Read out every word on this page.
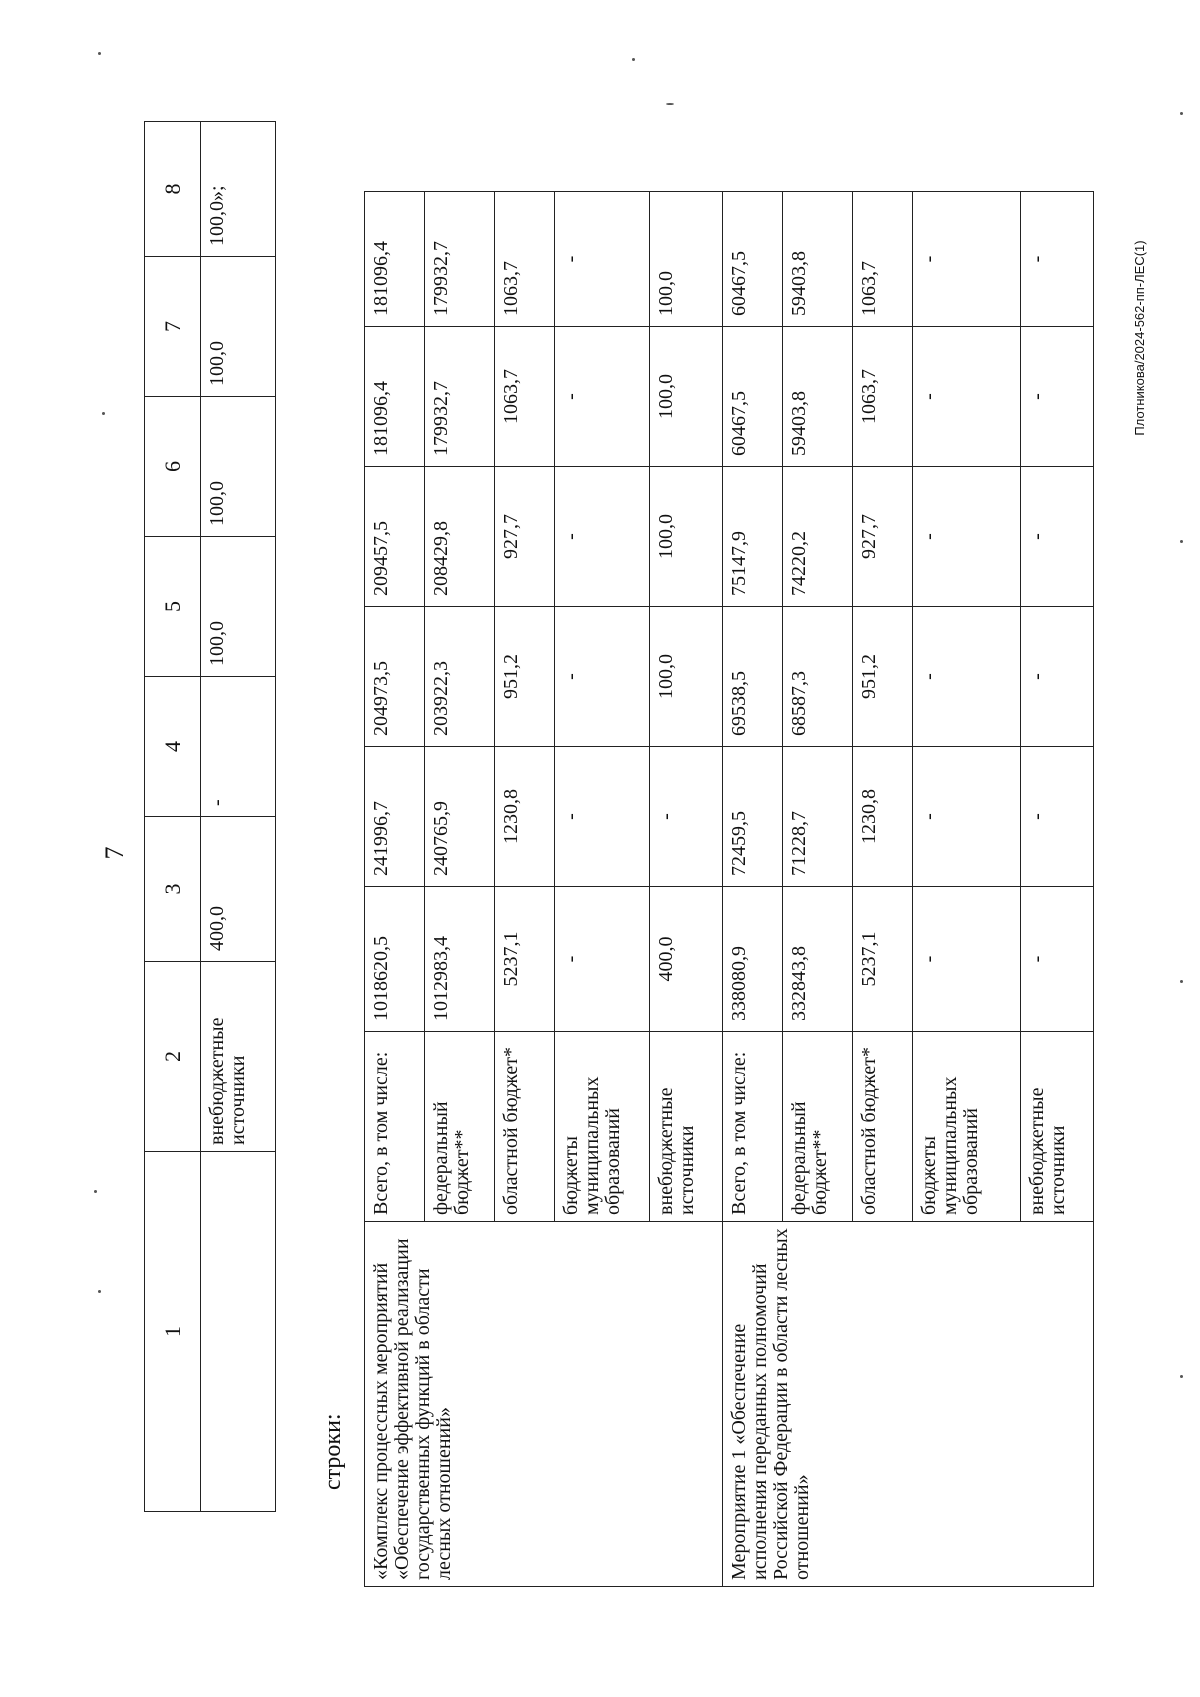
7
Плотникова/2024-562-пп-ЛЕС(1)
строки:
1	2	3	4	5	6	7	8
	внебюджетные источники	400,0	-	100,0	100,0	100,0	100,0»;
«Комплекс процессных мероприятий «Обеспечение эффективной реализации государственных функций в области лесных отношений»	Всего, в том числе:	1018620,5	241996,7	204973,5	209457,5	181096,4	181096,4
	федеральный бюджет**	1012983,4	240765,9	203922,3	208429,8	179932,7	179932,7
	областной бюджет*	5237,1	1230,8	951,2	927,7	1063,7	1063,7
	бюджеты муниципальных образований	-	-	-	-	-	-
	внебюджетные источники	400,0	-	100,0	100,0	100,0	100,0
Мероприятие 1 «Обеспечение исполнения переданных полномочий Российской Федерации в области лесных отношений»	Всего, в том числе:	338080,9	72459,5	69538,5	75147,9	60467,5	60467,5
	федеральный бюджет**	332843,8	71228,7	68587,3	74220,2	59403,8	59403,8
	областной бюджет*	5237,1	1230,8	951,2	927,7	1063,7	1063,7
	бюджеты муниципальных образований	-	-	-	-	-	-
	внебюджетные источники	-	-	-	-	-	-
